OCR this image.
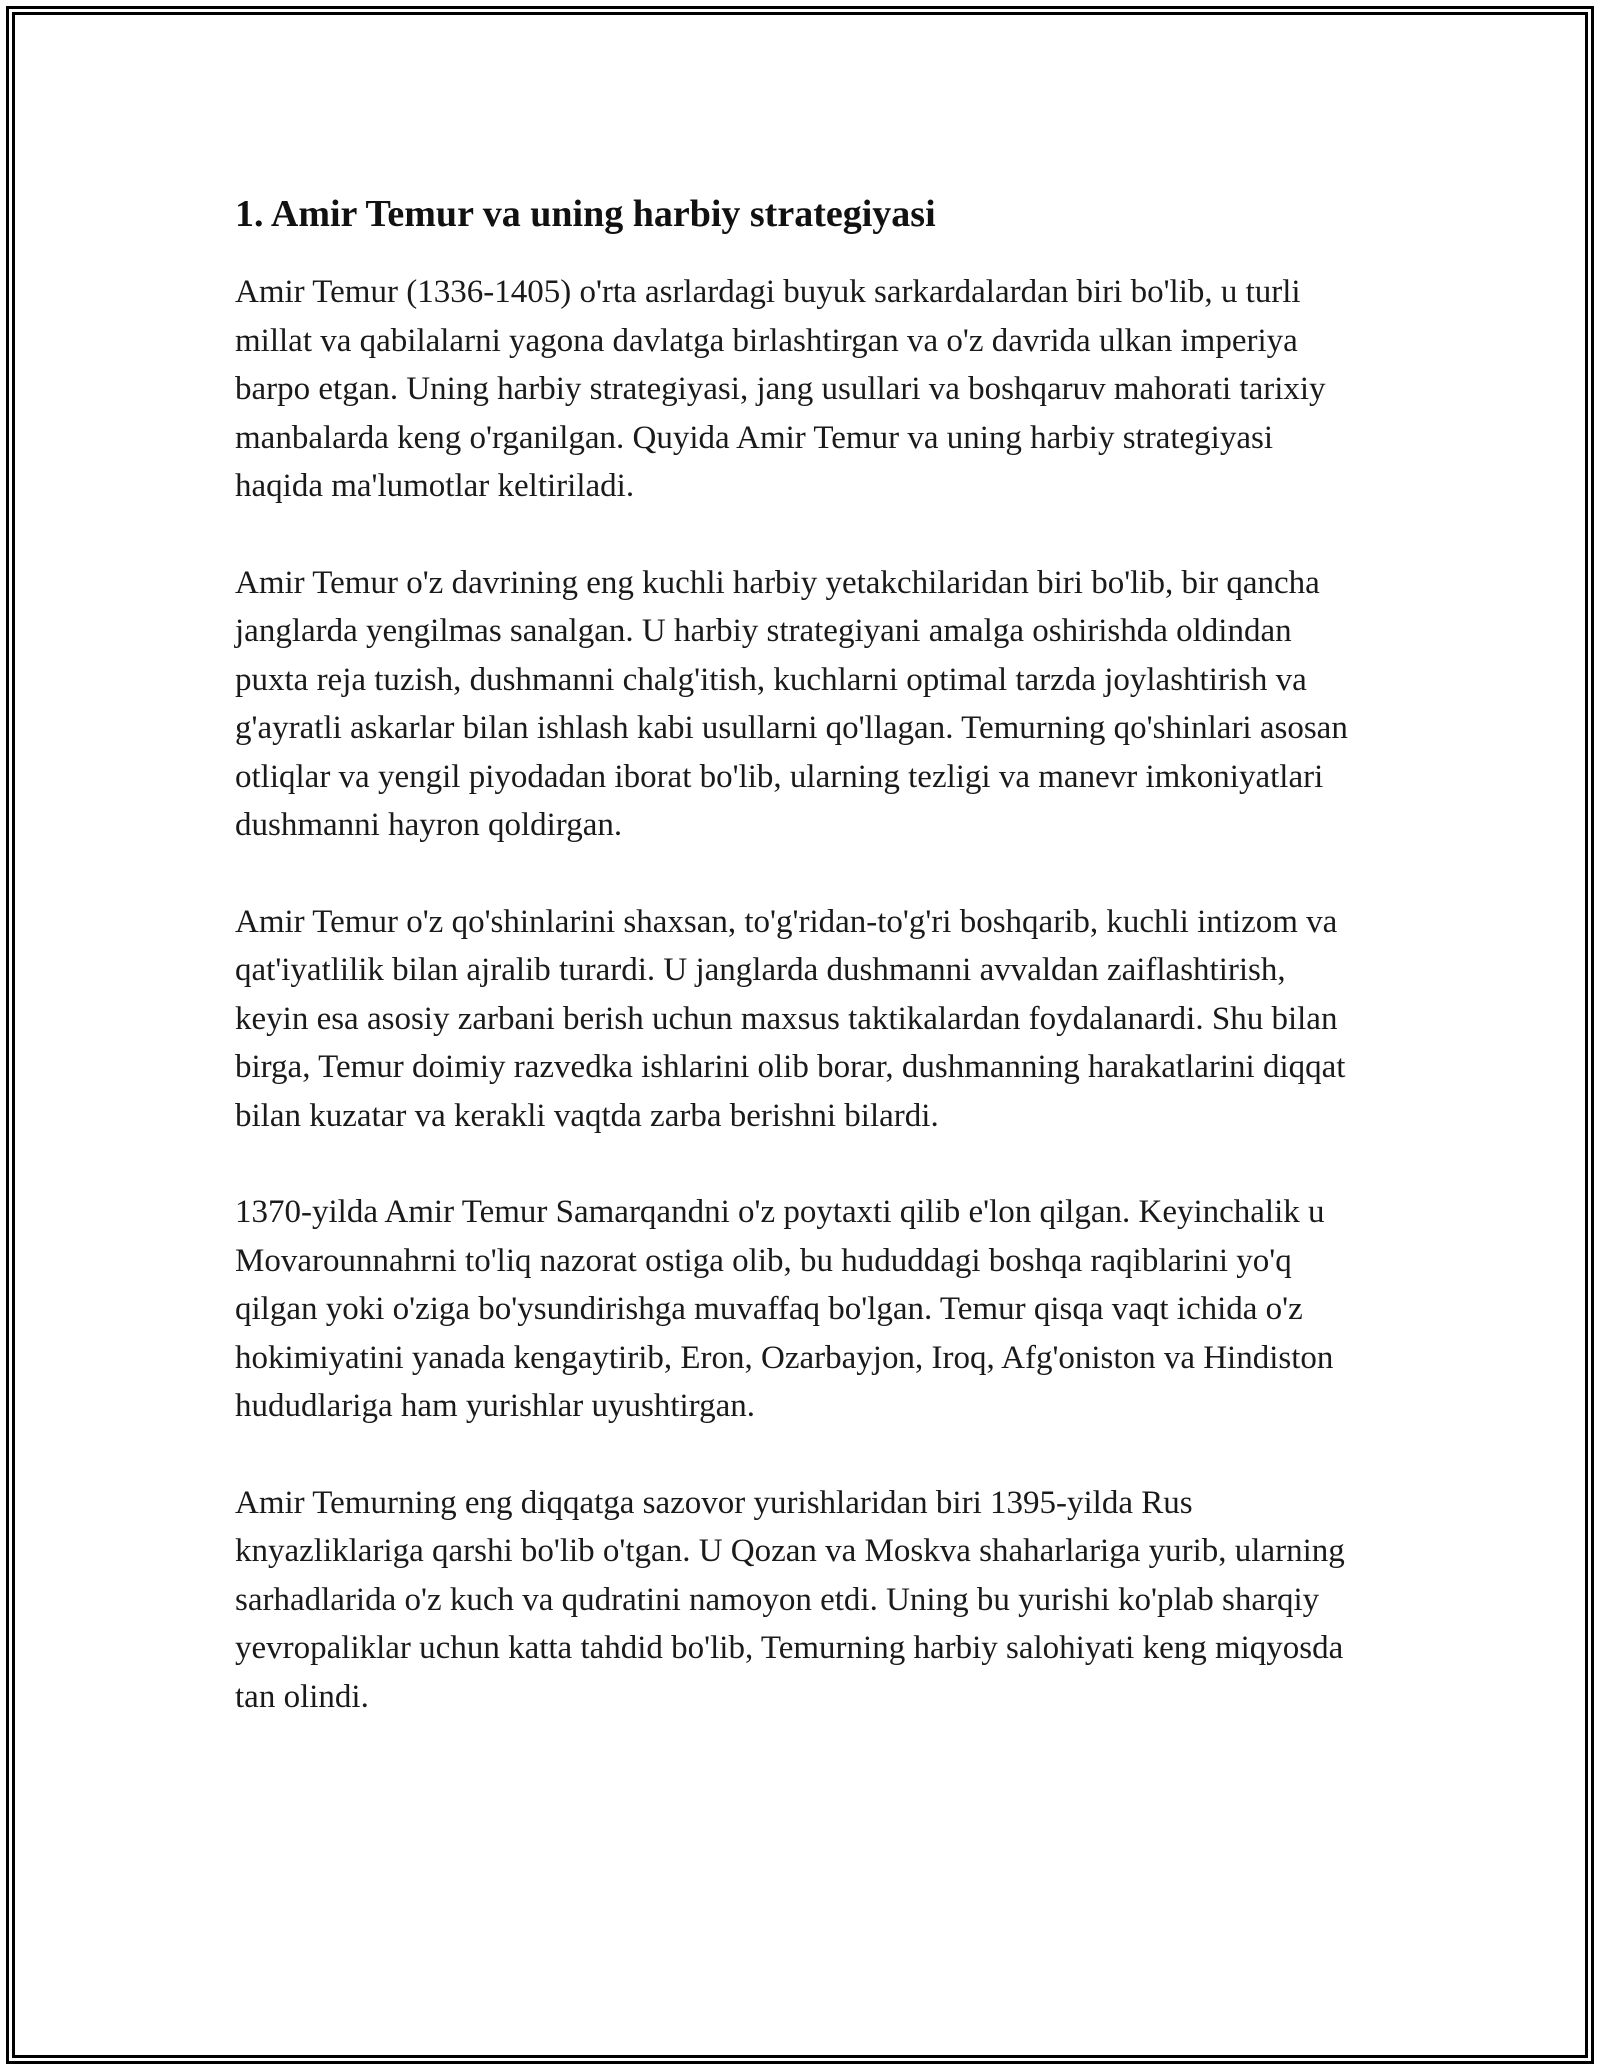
1. Amir Temur va uning harbiy strategiyasi

Amir Temur (1336-1405) o'rta asrlardagi buyuk sarkardalardan biri bo'lib, u turli millat va qabilalarni yagona davlatga birlashtirgan va o'z davrida ulkan imperiya barpo etgan. Uning harbiy strategiyasi, jang usullari va boshqaruv mahorati tarixiy manbalarda keng o'rganilgan. Quyida Amir Temur va uning harbiy strategiyasi haqida ma'lumotlar keltiriladi.

Amir Temur o'z davrining eng kuchli harbiy yetakchilaridan biri bo'lib, bir qancha janglarda yengilmas sanalgan. U harbiy strategiyani amalga oshirishda oldindan puxta reja tuzish, dushmanni chalg'itish, kuchlarni optimal tarzda joylashtirish va g'ayratli askarlar bilan ishlash kabi usullarni qo'llagan. Temurning qo'shinlari asosan otliqlar va yengil piyodadan iborat bo'lib, ularning tezligi va manevr imkoniyatlari dushmanni hayron qoldirgan.

Amir Temur o'z qo'shinlarini shaxsan, to'g'ridan-to'g'ri boshqarib, kuchli intizom va qat'iyatlilik bilan ajralib turardi. U janglarda dushmanni avvaldan zaiflashtirish, keyin esa asosiy zarbani berish uchun maxsus taktikalardan foydalanardi. Shu bilan birga, Temur doimiy razvedka ishlarini olib borar, dushmanning harakatlarini diqqat bilan kuzatar va kerakli vaqtda zarba berishni bilardi.

1370-yilda Amir Temur Samarqandni o'z poytaxti qilib e'lon qilgan. Keyinchalik u Movarounnahrni to'liq nazorat ostiga olib, bu hududdagi boshqa raqiblarini yo'q qilgan yoki o'ziga bo'ysundirishga muvaffaq bo'lgan. Temur qisqa vaqt ichida o'z hokimiyatini yanada kengaytirib, Eron, Ozarbayjon, Iroq, Afg'oniston va Hindiston hududlariga ham yurishlar uyushtirgan.

Amir Temurning eng diqqatga sazovor yurishlaridan biri 1395-yilda Rus knyazliklariga qarshi bo'lib o'tgan. U Qozan va Moskva shaharlariga yurib, ularning sarhadlarida o'z kuch va qudratini namoyon etdi. Uning bu yurishi ko'plab sharqiy yevropaliklar uchun katta tahdid bo'lib, Temurning harbiy salohiyati keng miqyosda tan olindi.
